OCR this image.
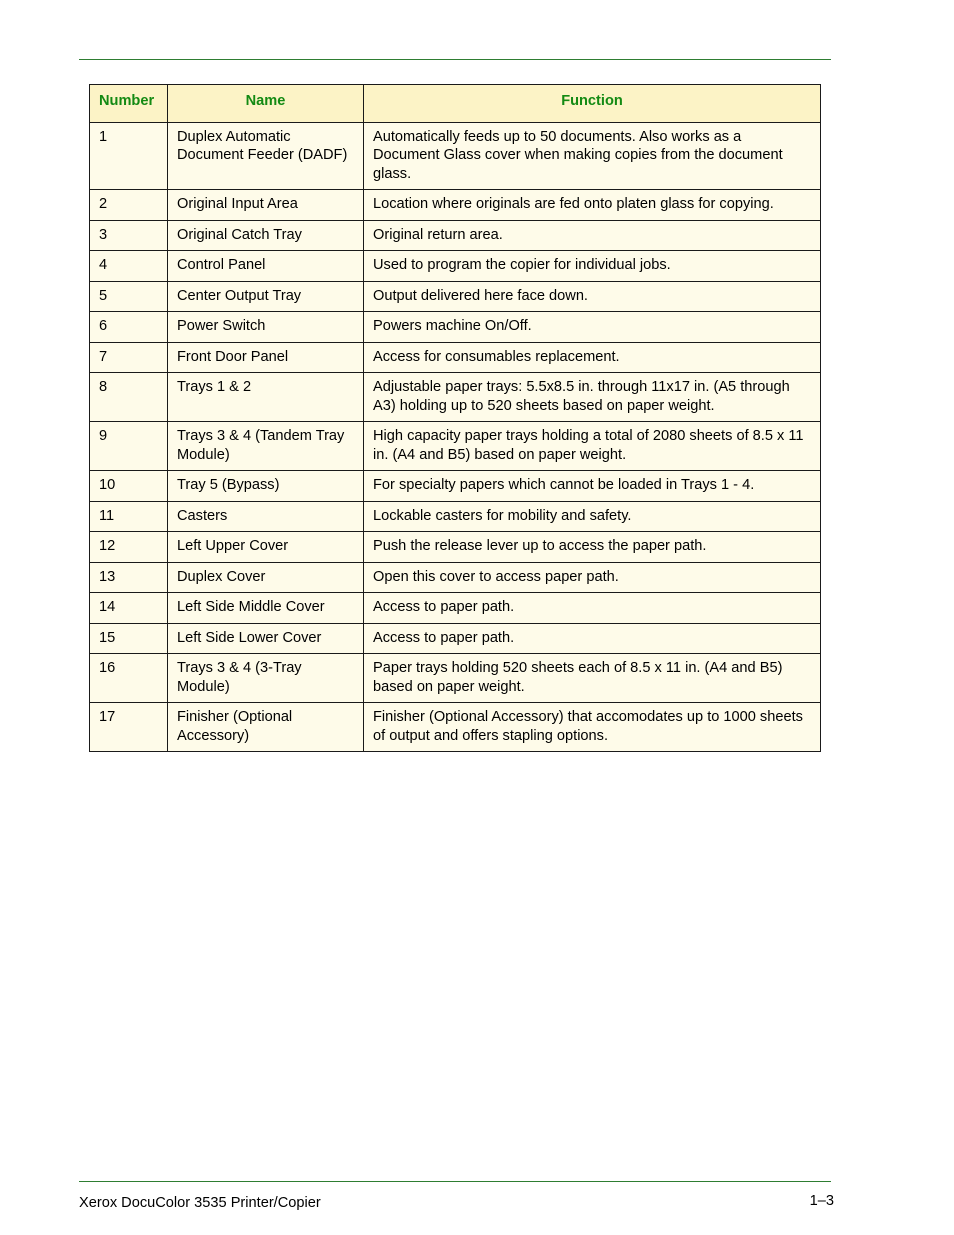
Number	Name	Function
1	Duplex Automatic Document Feeder (DADF)	Automatically feeds up to 50 documents. Also works as a Document Glass cover when making copies from the document glass.
2	Original Input Area	Location where originals are fed onto platen glass for copying.
3	Original Catch Tray	Original return area.
4	Control Panel	Used to program the copier for individual jobs.
5	Center Output Tray	Output delivered here face down.
6	Power Switch	Powers machine On/Off.
7	Front Door Panel	Access for consumables replacement.
8	Trays 1 & 2	Adjustable paper trays: 5.5x8.5 in. through 11x17 in. (A5 through A3) holding up to 520 sheets based on paper weight.
9	Trays 3 & 4 (Tandem Tray Module)	High capacity paper trays holding a total of 2080 sheets of 8.5 x 11 in. (A4 and B5) based on paper weight.
10	Tray 5 (Bypass)	For specialty papers which cannot be loaded in Trays 1 - 4.
11	Casters	Lockable casters for mobility and safety.
12	Left Upper Cover	Push the release lever up to access the paper path.
13	Duplex Cover	Open this cover to access paper path.
14	Left Side Middle Cover	Access to paper path.
15	Left Side Lower Cover	Access to paper path.
16	Trays 3 & 4 (3-Tray Module)	Paper trays holding 520 sheets each of 8.5 x 11 in. (A4 and B5) based on paper weight.
17	Finisher (Optional Accessory)	Finisher (Optional Accessory) that accomodates up to 1000 sheets of output and offers stapling options.
Xerox DocuColor 3535 Printer/Copier	1–3
